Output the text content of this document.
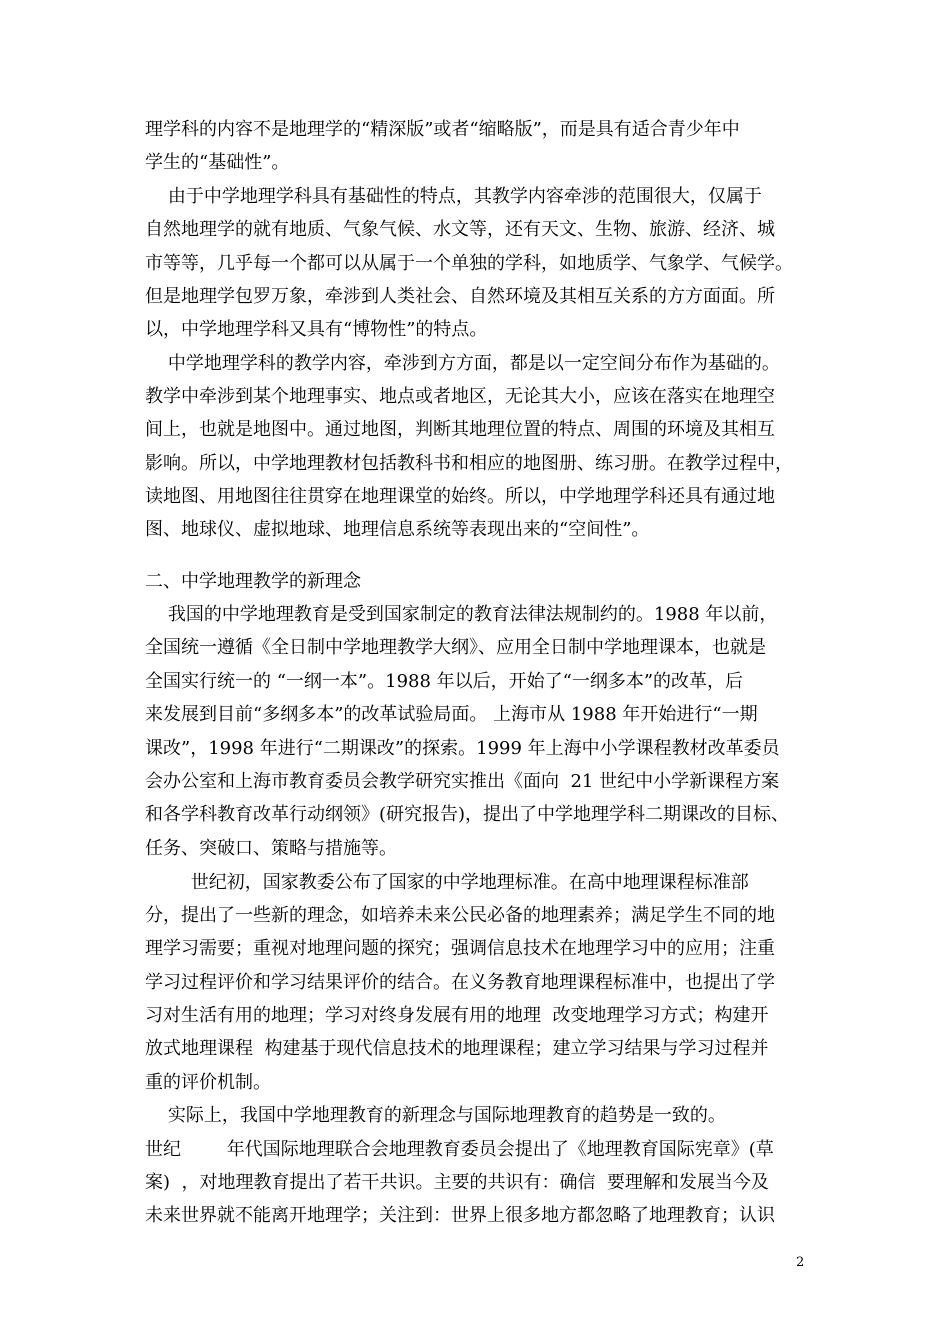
理学科的内容不是地理学的“精深版”或者“缩略版”，而是具有适合青少年中
学生的“基础性”。
由于中学地理学科具有基础性的特点，其教学内容牵涉的范围很大，仅属于
自然地理学的就有地质、气象气候、水文等，还有天文、生物、旅游、经济、城
市等等，几乎每一个都可以从属于一个单独的学科，如地质学、气象学、气候学。
但是地理学包罗万象，牵涉到人类社会、自然环境及其相互关系的方方面面。所
以，中学地理学科又具有“博物性”的特点。
中学地理学科的教学内容，牵涉到方方面，都是以一定空间分布作为基础的。
教学中牵涉到某个地理事实、地点或者地区，无论其大小，应该在落实在地理空
间上，也就是地图中。通过地图，判断其地理位置的特点、周围的环境及其相互
影响。所以，中学地理教材包括教科书和相应的地图册、练习册。在教学过程中，
读地图、用地图往往贯穿在地理课堂的始终。所以，中学地理学科还具有通过地
图、地球仪、虚拟地球、地理信息系统等表现出来的“空间性”。
二、中学地理教学的新理念
我国的中学地理教育是受到国家制定的教育法律法规制约的。1988 年以前，
全国统一遵循《全日制中学地理教学大纲》、应用全日制中学地理课本，也就是
全国实行统一的 “一纲一本”。1988 年以后，开始了“一纲多本”的改革，后
来发展到目前“多纲多本”的改革试验局面。 上海市从 1988 年开始进行“一期
课改”，1998 年进行“二期课改”的探索。1999 年上海中小学课程教材改革委员
会办公室和上海市教育委员会教学研究实推出《面向  21 世纪中小学新课程方案
和各学科教育改革行动纲领》(研究报告)，提出了中学地理学科二期课改的目标、
任务、突破口、策略与措施等。
世纪初，国家教委公布了国家的中学地理标准。在高中地理课程标准部
分，提出了一些新的理念，如培养未来公民必备的地理素养；满足学生不同的地
理学习需要；重视对地理问题的探究；强调信息技术在地理学习中的应用；注重
学习过程评价和学习结果评价的结合。在义务教育地理课程标准中，也提出了学
习对生活有用的地理；学习对终身发展有用的地理  改变地理学习方式；构建开
放式地理课程  构建基于现代信息技术的地理课程；建立学习结果与学习过程并
重的评价机制。
实际上，我国中学地理教育的新理念与国际地理教育的趋势是一致的。
世纪        年代国际地理联合会地理教育委员会提出了《地理教育国际宪章》(草
案)  ，对地理教育提出了若干共识。主要的共识有：确信  要理解和发展当今及
未来世界就不能离开地理学；关注到：世界上很多地方都忽略了地理教育；认识
2
